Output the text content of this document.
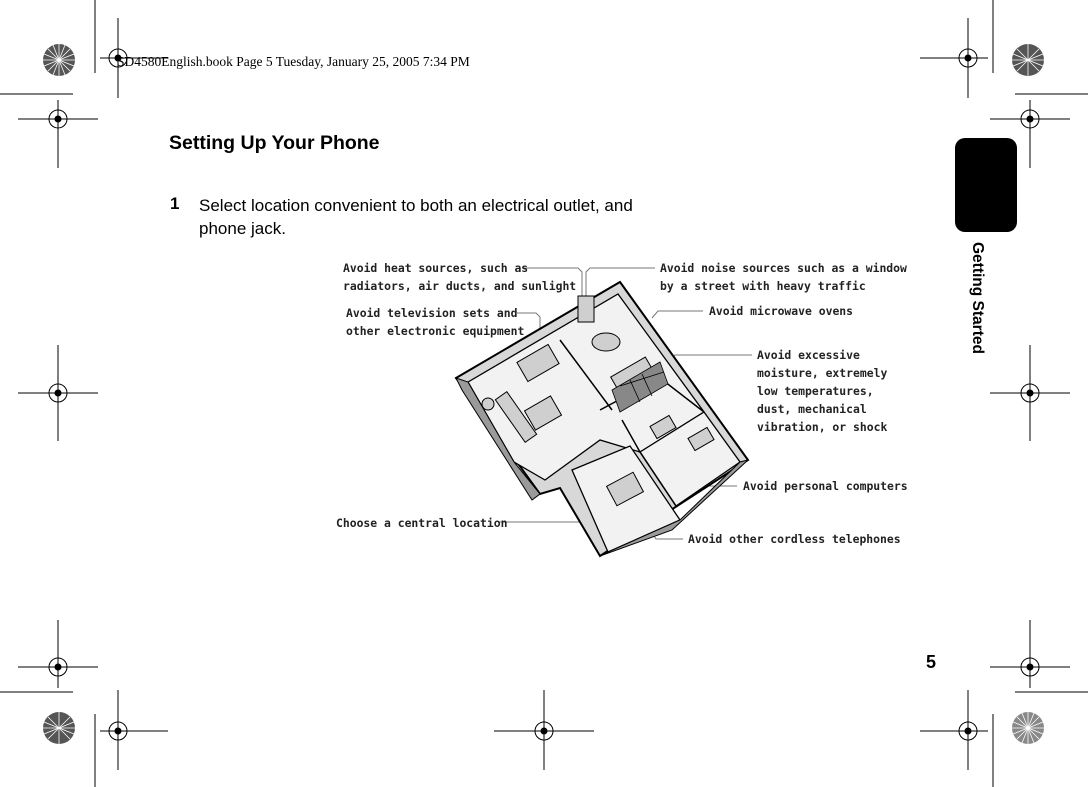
Avoid heat sources, such as
radiators, air ducts, and sunlight
Avoid television sets and
other electronic equipment
Avoid noise sources such as a window
by a street with heavy traffic
Avoid microwave ovens
Avoid excessive
moisture, extremely
low temperatures,
dust, mechanical
vibration, or shock
Avoid personal computers
Choose a central location
Avoid other cordless telephones
SD4580English.book Page 5 Tuesday, January 25, 2005 7:34 PM
Setting Up Your Phone
1 Select location convenient to both an electrical outlet, and phone jack.
Getting Started
5
